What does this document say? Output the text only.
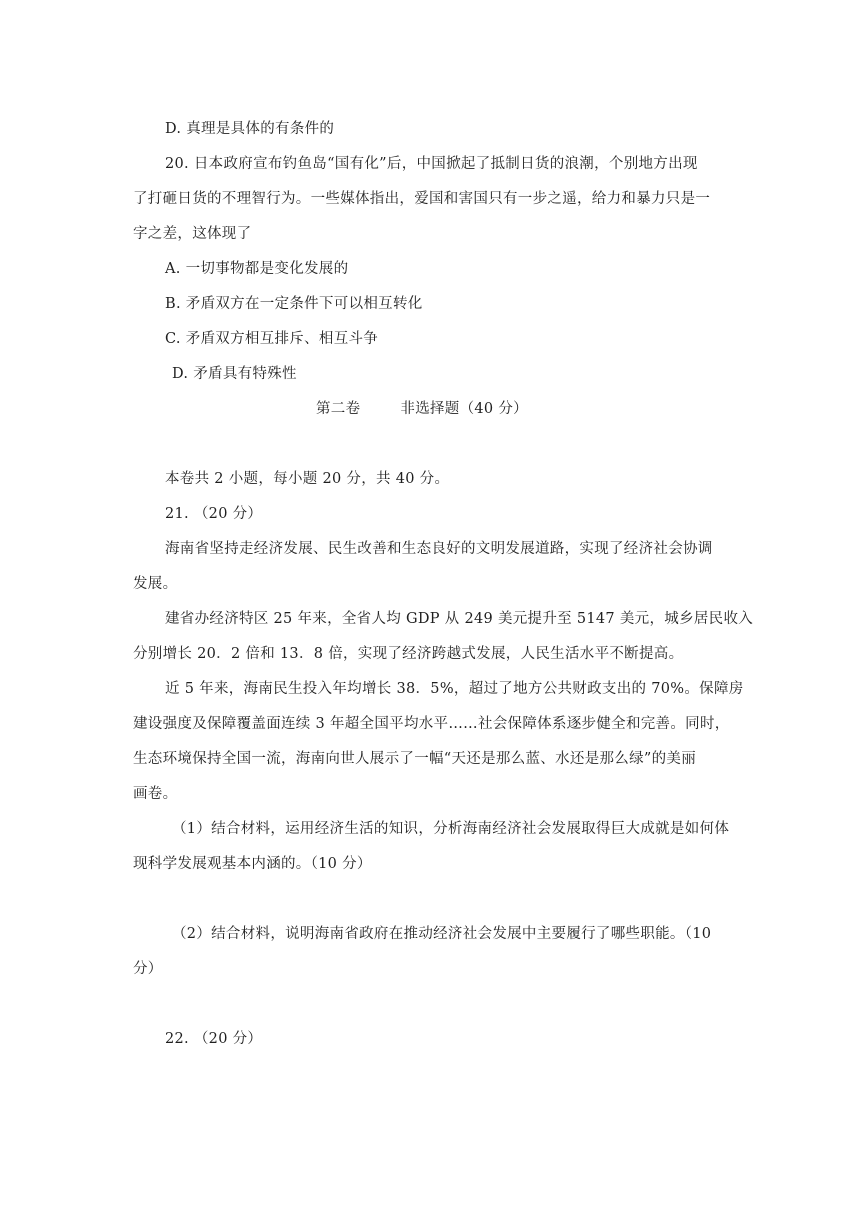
D. 真理是具体的有条件的
20. 日本政府宣布钓鱼岛“国有化”后，中国掀起了抵制日货的浪潮，个别地方出现
了打砸日货的不理智行为。一些媒体指出，爱国和害国只有一步之遥，给力和暴力只是一
字之差，这体现了
A. 一切事物都是变化发展的
B. 矛盾双方在一定条件下可以相互转化
C. 矛盾双方相互排斥、相互斗争
D. 矛盾具有特殊性
第二卷	非选择题（40 分）
本卷共 2 小题，每小题 20 分，共 40 分。
21. （20 分）
海南省坚持走经济发展、民生改善和生态良好的文明发展道路，实现了经济社会协调
发展。
建省办经济特区 25 年来，全省人均 GDP 从 249 美元提升至 5147 美元，城乡居民收入
分别增长 20．2 倍和 13．8 倍，实现了经济跨越式发展，人民生活水平不断提高。
近 5 年来，海南民生投入年均增长 38．5%，超过了地方公共财政支出的 70%。保障房
建设强度及保障覆盖面连续 3 年超全国平均水平……社会保障体系逐步健全和完善。同时，
生态环境保持全国一流，海南向世人展示了一幅“天还是那么蓝、水还是那么绿”的美丽
画卷。
（1）结合材料，运用经济生活的知识，分析海南经济社会发展取得巨大成就是如何体
现科学发展观基本内涵的。（10 分）
（2）结合材料，说明海南省政府在推动经济社会发展中主要履行了哪些职能。（10
分）
22. （20 分）
